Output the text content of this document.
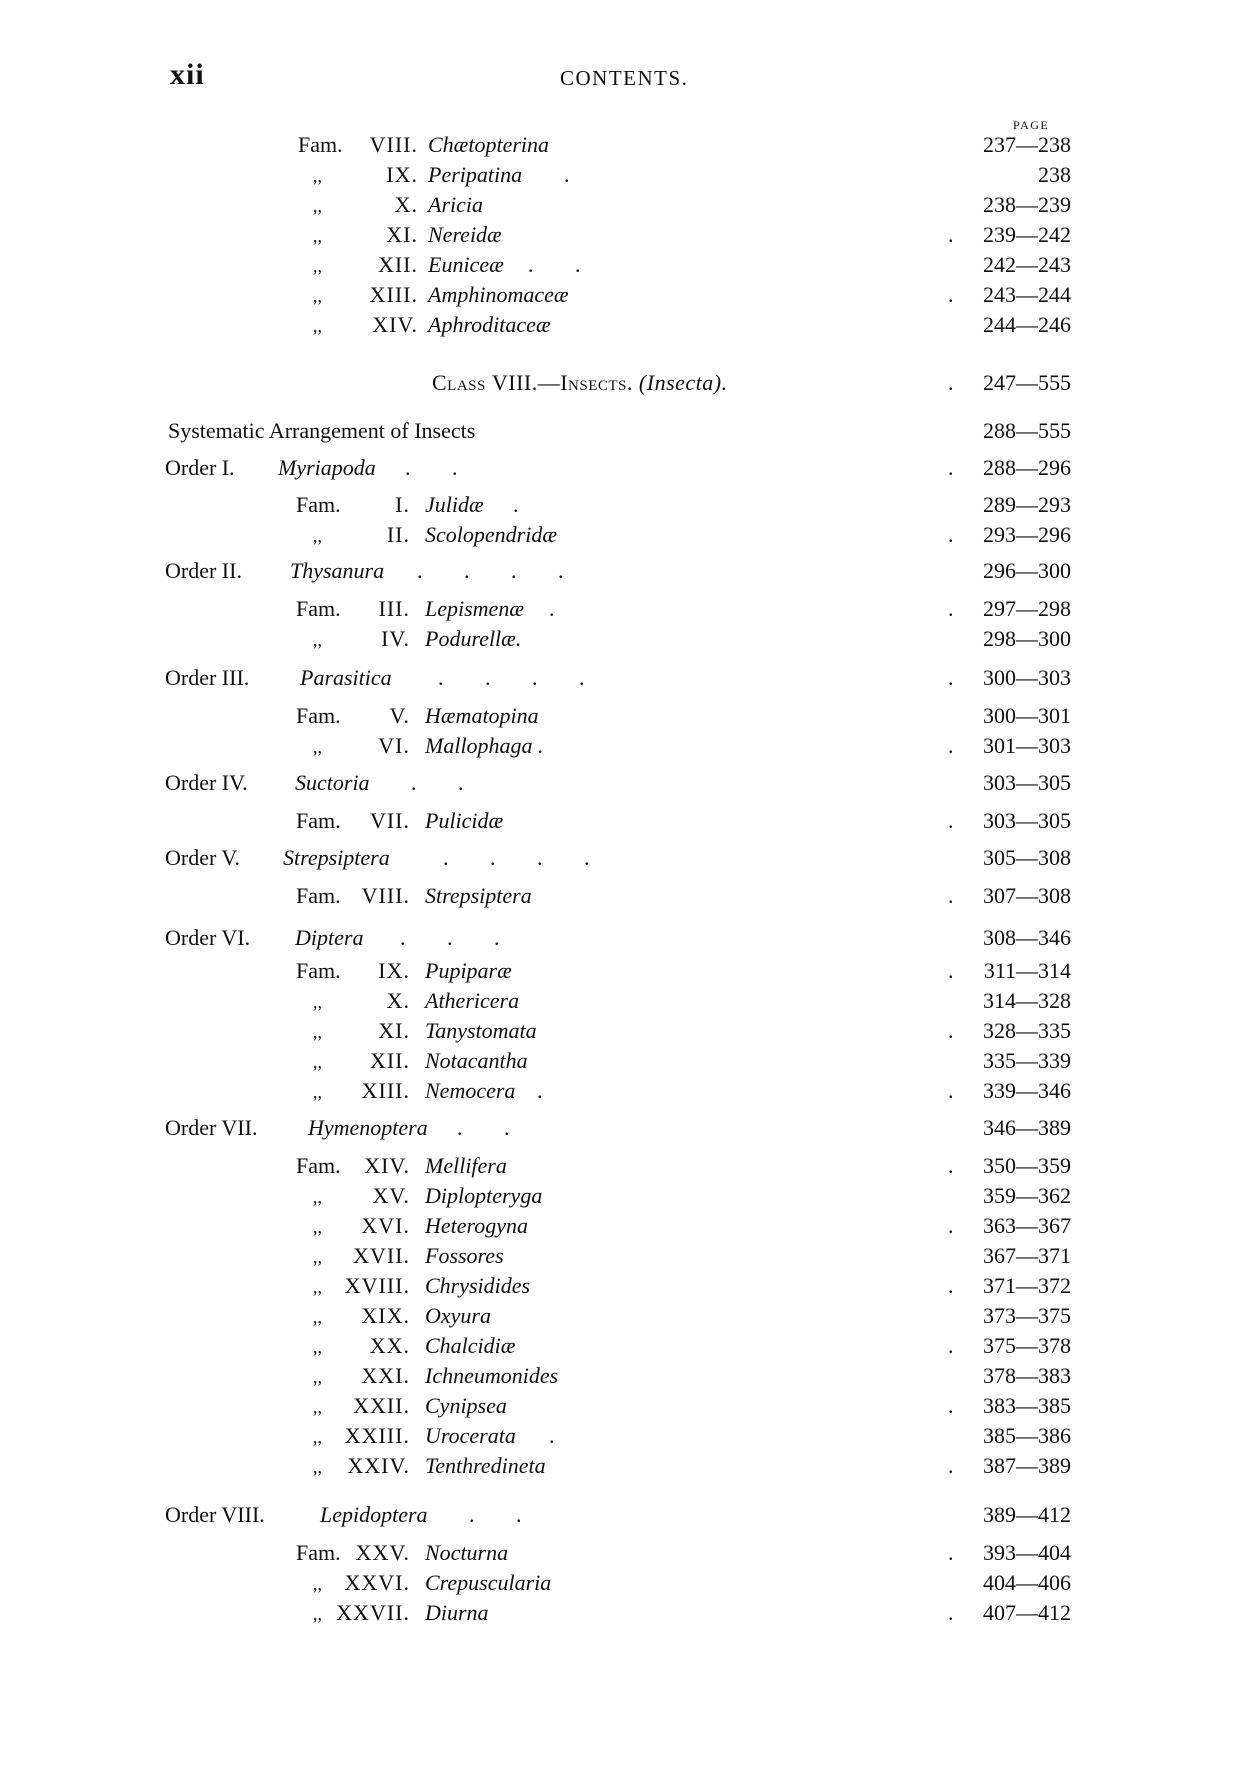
xii	CONTENTS.
PAGE
Fam. VIII. Chætopterina	237—238
,,	IX. Peripatina .	238
,,	X. Aricia	238—239
,,	XI. Nereidæ	. 239—242
,,	XII. Euniceæ . .	242—243
,, XIII. Amphinomaceæ	. 243—244
,, XIV. Aphroditaceæ	244—246
Class VIII.—Insects. (Insecta).	. 247—555
Systematic Arrangement of Insects	288—555
Order I. Myriapoda . .	. 288—296
Fam. I. Julidæ .	289—293
,,	II. Scolopendridæ	. 293—296
Order II. Thysanura . . . .	296—300
Fam. III. Lepismenæ .	. 297—298
,,	IV. Podurellæ.	298—300
Order III. Parasitica . . . .	. 300—303
Fam. V. Hæmatopina	300—301
,,	VI. Mallophaga .	. 301—303
Order IV. Suctoria . .	303—305
Fam. VII. Pulicidæ	. 303—305
Order V. Strepsiptera . . . .	305—308
Fam. VIII. Strepsiptera	. 307—308
Order VI. Diptera . . .	308—346
Fam. IX. Pupiparæ	. 311—314
,,	X. Athericera	314—328
,,	XI. Tanystomata	. 328—335
,, XII. Notacantha	335—339
,, XIII. Nemocera .	. 339—346
Order VII. Hymenoptera . .	346—389
Fam. XIV. Mellifera	. 350—359
,, XV. Diplopteryga	359—362
,, XVI. Heterogyna	. 363—367
,, XVII. Fossores	367—371
,, XVIII. Chrysidides	. 371—372
,, XIX. Oxyura	373—375
,, XX. Chalcidiæ	. 375—378
,, XXI. Ichneumonides	378—383
,, XXII. Cynipsea	. 383—385
,, XXIII. Urocerata .	385—386
,, XXIV. Tenthredineta	. 387—389
Order VIII.	Lepidoptera . .	389—412
Fam. XXV. Nocturna	. 393—404
,, XXVI. Crepuscularia	404—406
,, XXVII. Diurna	. 407—412
